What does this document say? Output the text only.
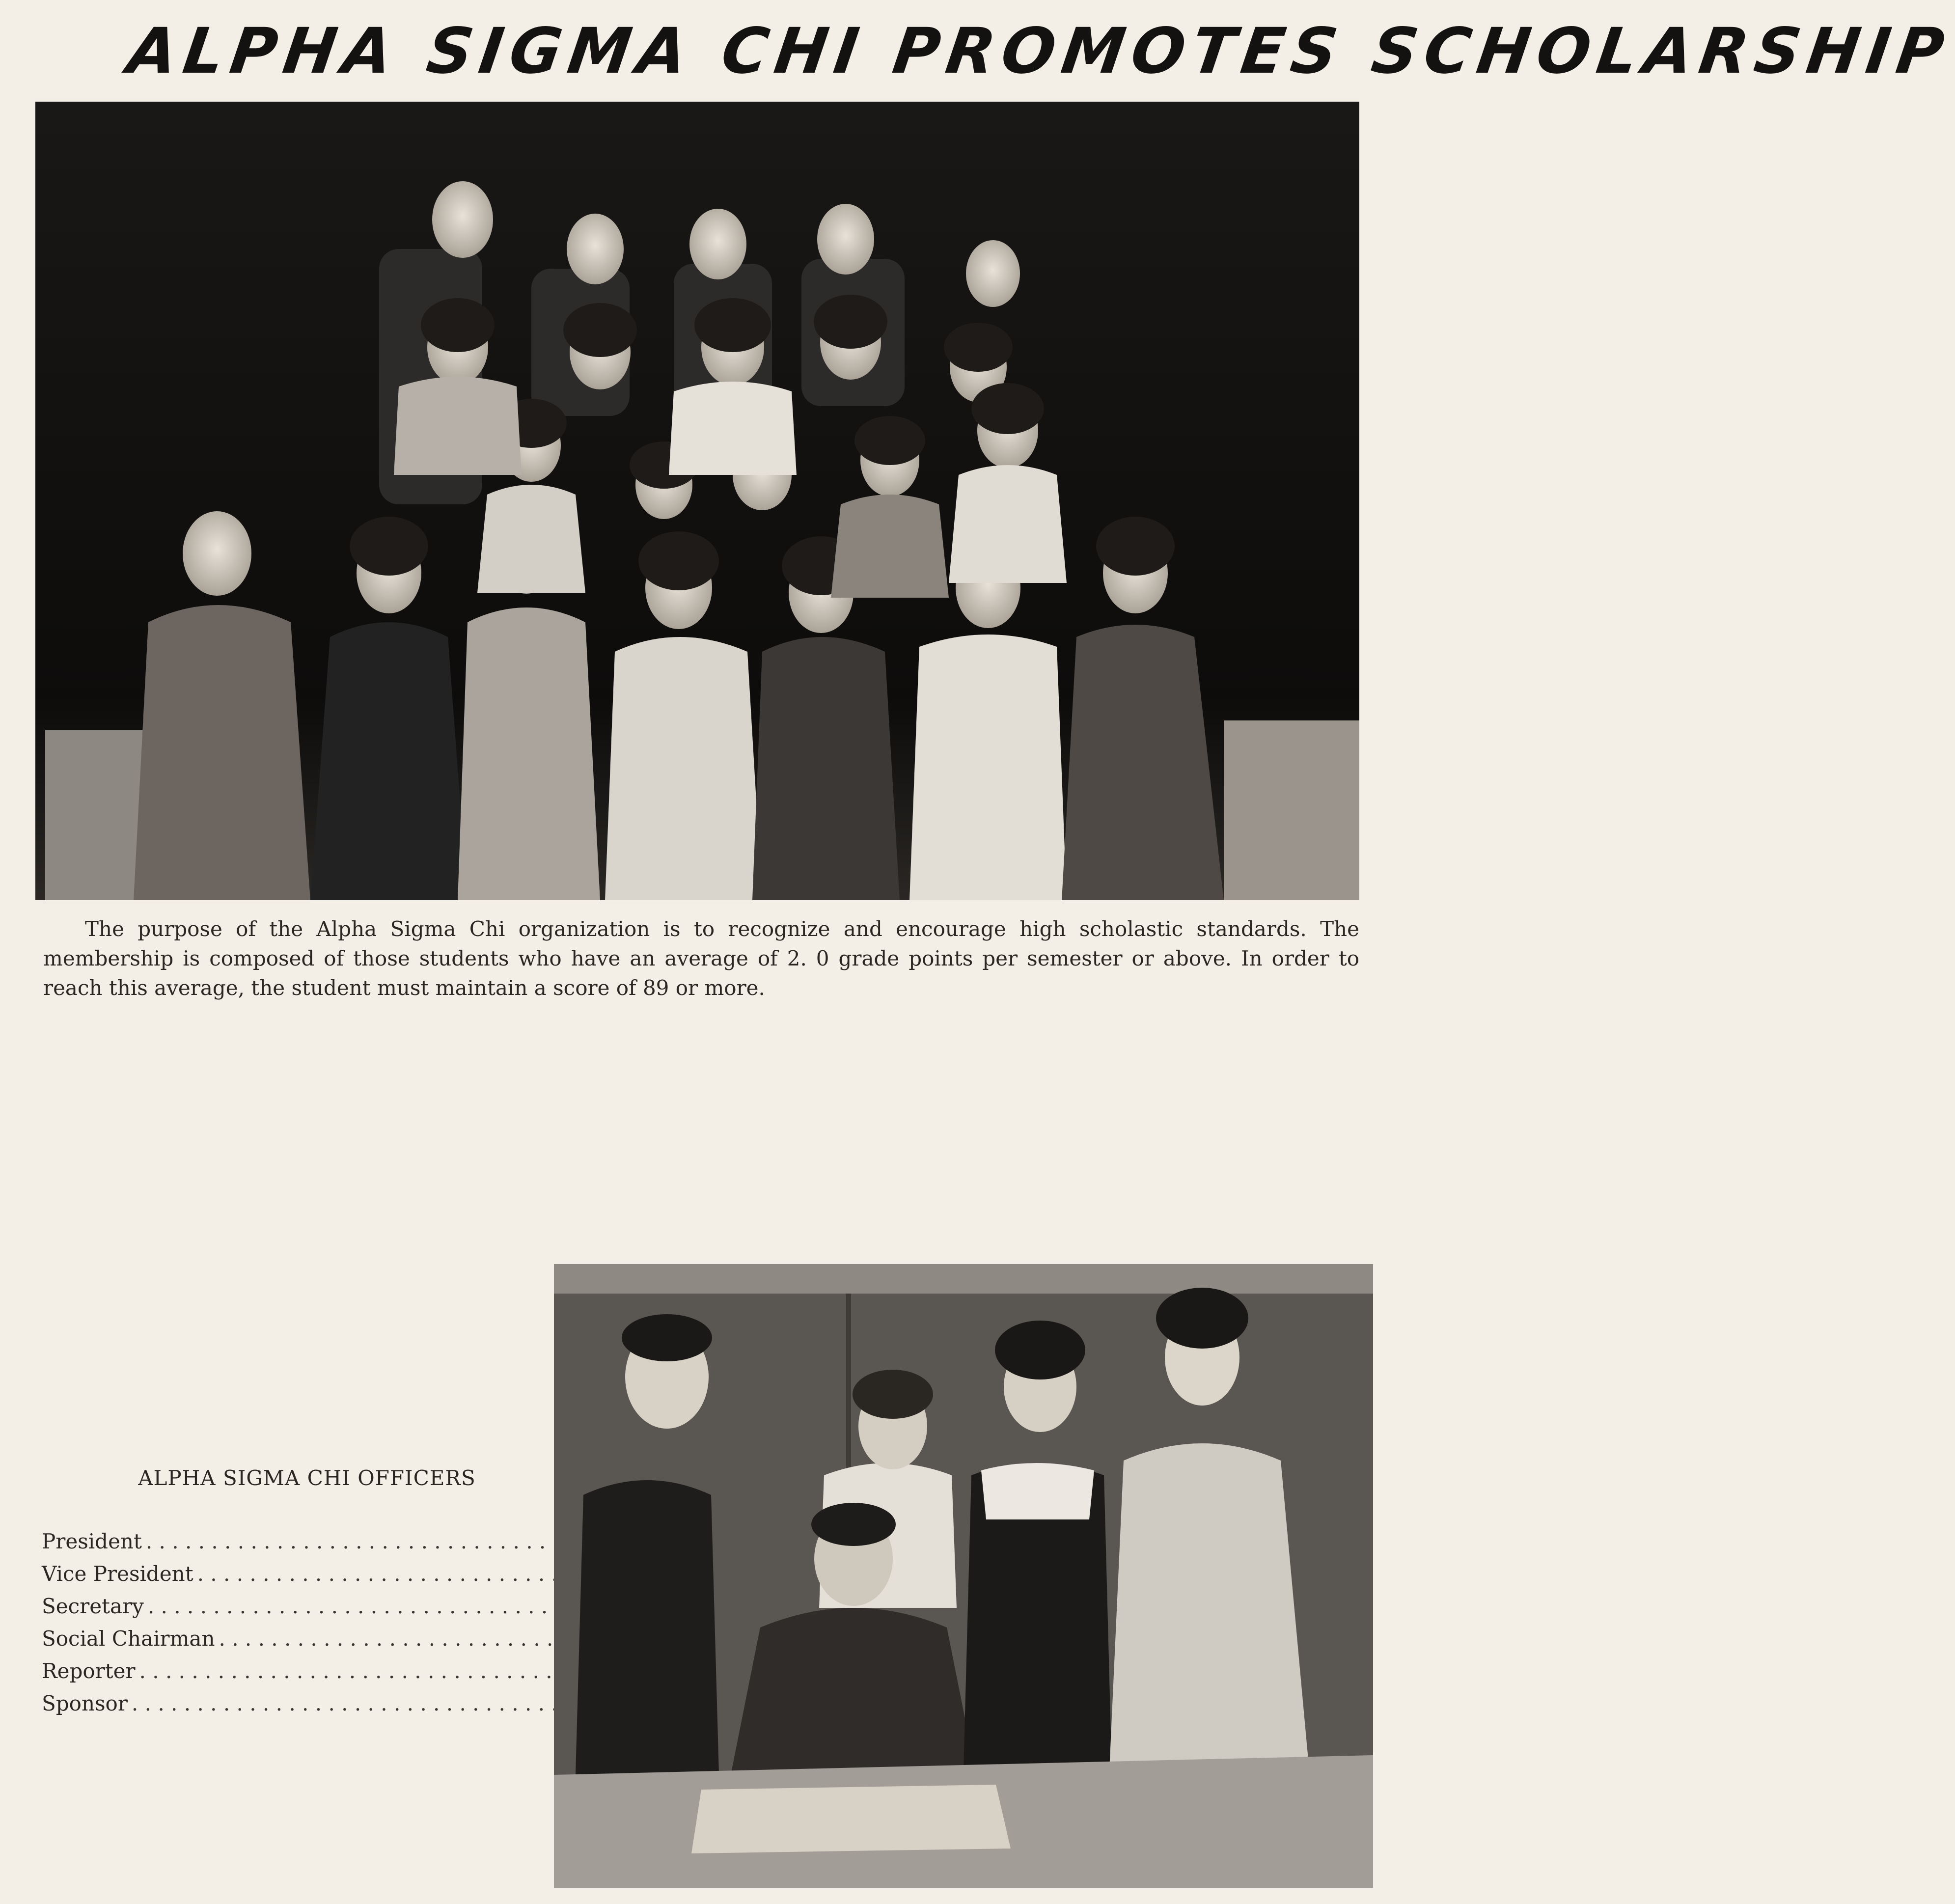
ALPHA SIGMA CHI PROMOTES SCHOLARSHIP
The purpose of the Alpha Sigma Chi organization is to recognize and encourage high scholastic standards. The membership is composed of those students who have an average of 2. 0 grade points per semester or above. In order to reach this average, the student must maintain a score of 89 or more.
ALPHA SIGMA CHI OFFICERS
President
. . .
Vice President
. . .
Secretary
. . .
Social Chairman
. . .
Reporter
. . .
Sponsor
. . .
